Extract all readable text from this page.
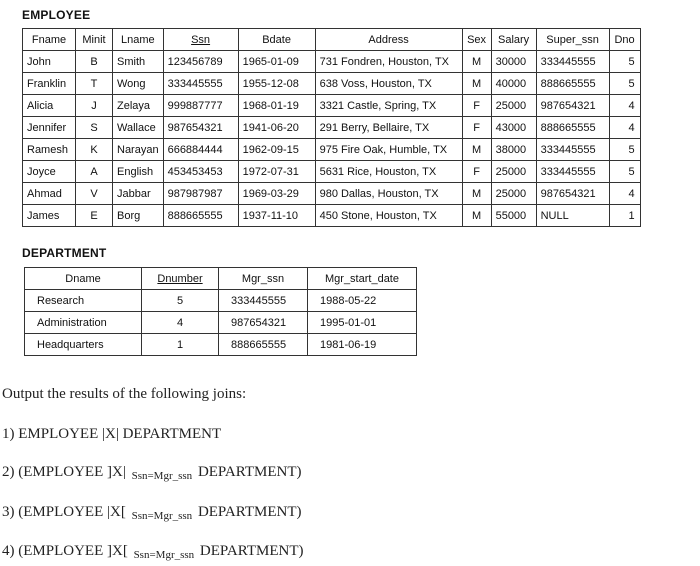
EMPLOYEE
Fname	Minit	Lname	Ssn	Bdate	Address	Sex	Salary	Super_ssn	Dno
John	B	Smith	123456789	1965-01-09	731 Fondren, Houston, TX	M	30000	333445555	5
Franklin	T	Wong	333445555	1955-12-08	638 Voss, Houston, TX	M	40000	888665555	5
Alicia	J	Zelaya	999887777	1968-01-19	3321 Castle, Spring, TX	F	25000	987654321	4
Jennifer	S	Wallace	987654321	1941-06-20	291 Berry, Bellaire, TX	F	43000	888665555	4
Ramesh	K	Narayan	666884444	1962-09-15	975 Fire Oak, Humble, TX	M	38000	333445555	5
Joyce	A	English	453453453	1972-07-31	5631 Rice, Houston, TX	F	25000	333445555	5
Ahmad	V	Jabbar	987987987	1969-03-29	980 Dallas, Houston, TX	M	25000	987654321	4
James	E	Borg	888665555	1937-11-10	450 Stone, Houston, TX	M	55000	NULL	1
DEPARTMENT
Dname	Dnumber	Mgr_ssn	Mgr_start_date
Research	5	333445555	1988-05-22
Administration	4	987654321	1995-01-01
Headquarters	1	888665555	1981-06-19
Output the results of the following joins:
1) EMPLOYEE |X| DEPARTMENT
2) (EMPLOYEE ]X| $_{Ssn=Mgr\_ssn}$ DEPARTMENT)
3) (EMPLOYEE |X[ $_{Ssn=Mgr\_ssn}$ DEPARTMENT)
4) (EMPLOYEE ]X[ $_{Ssn=Mgr\_ssn}$ DEPARTMENT)
